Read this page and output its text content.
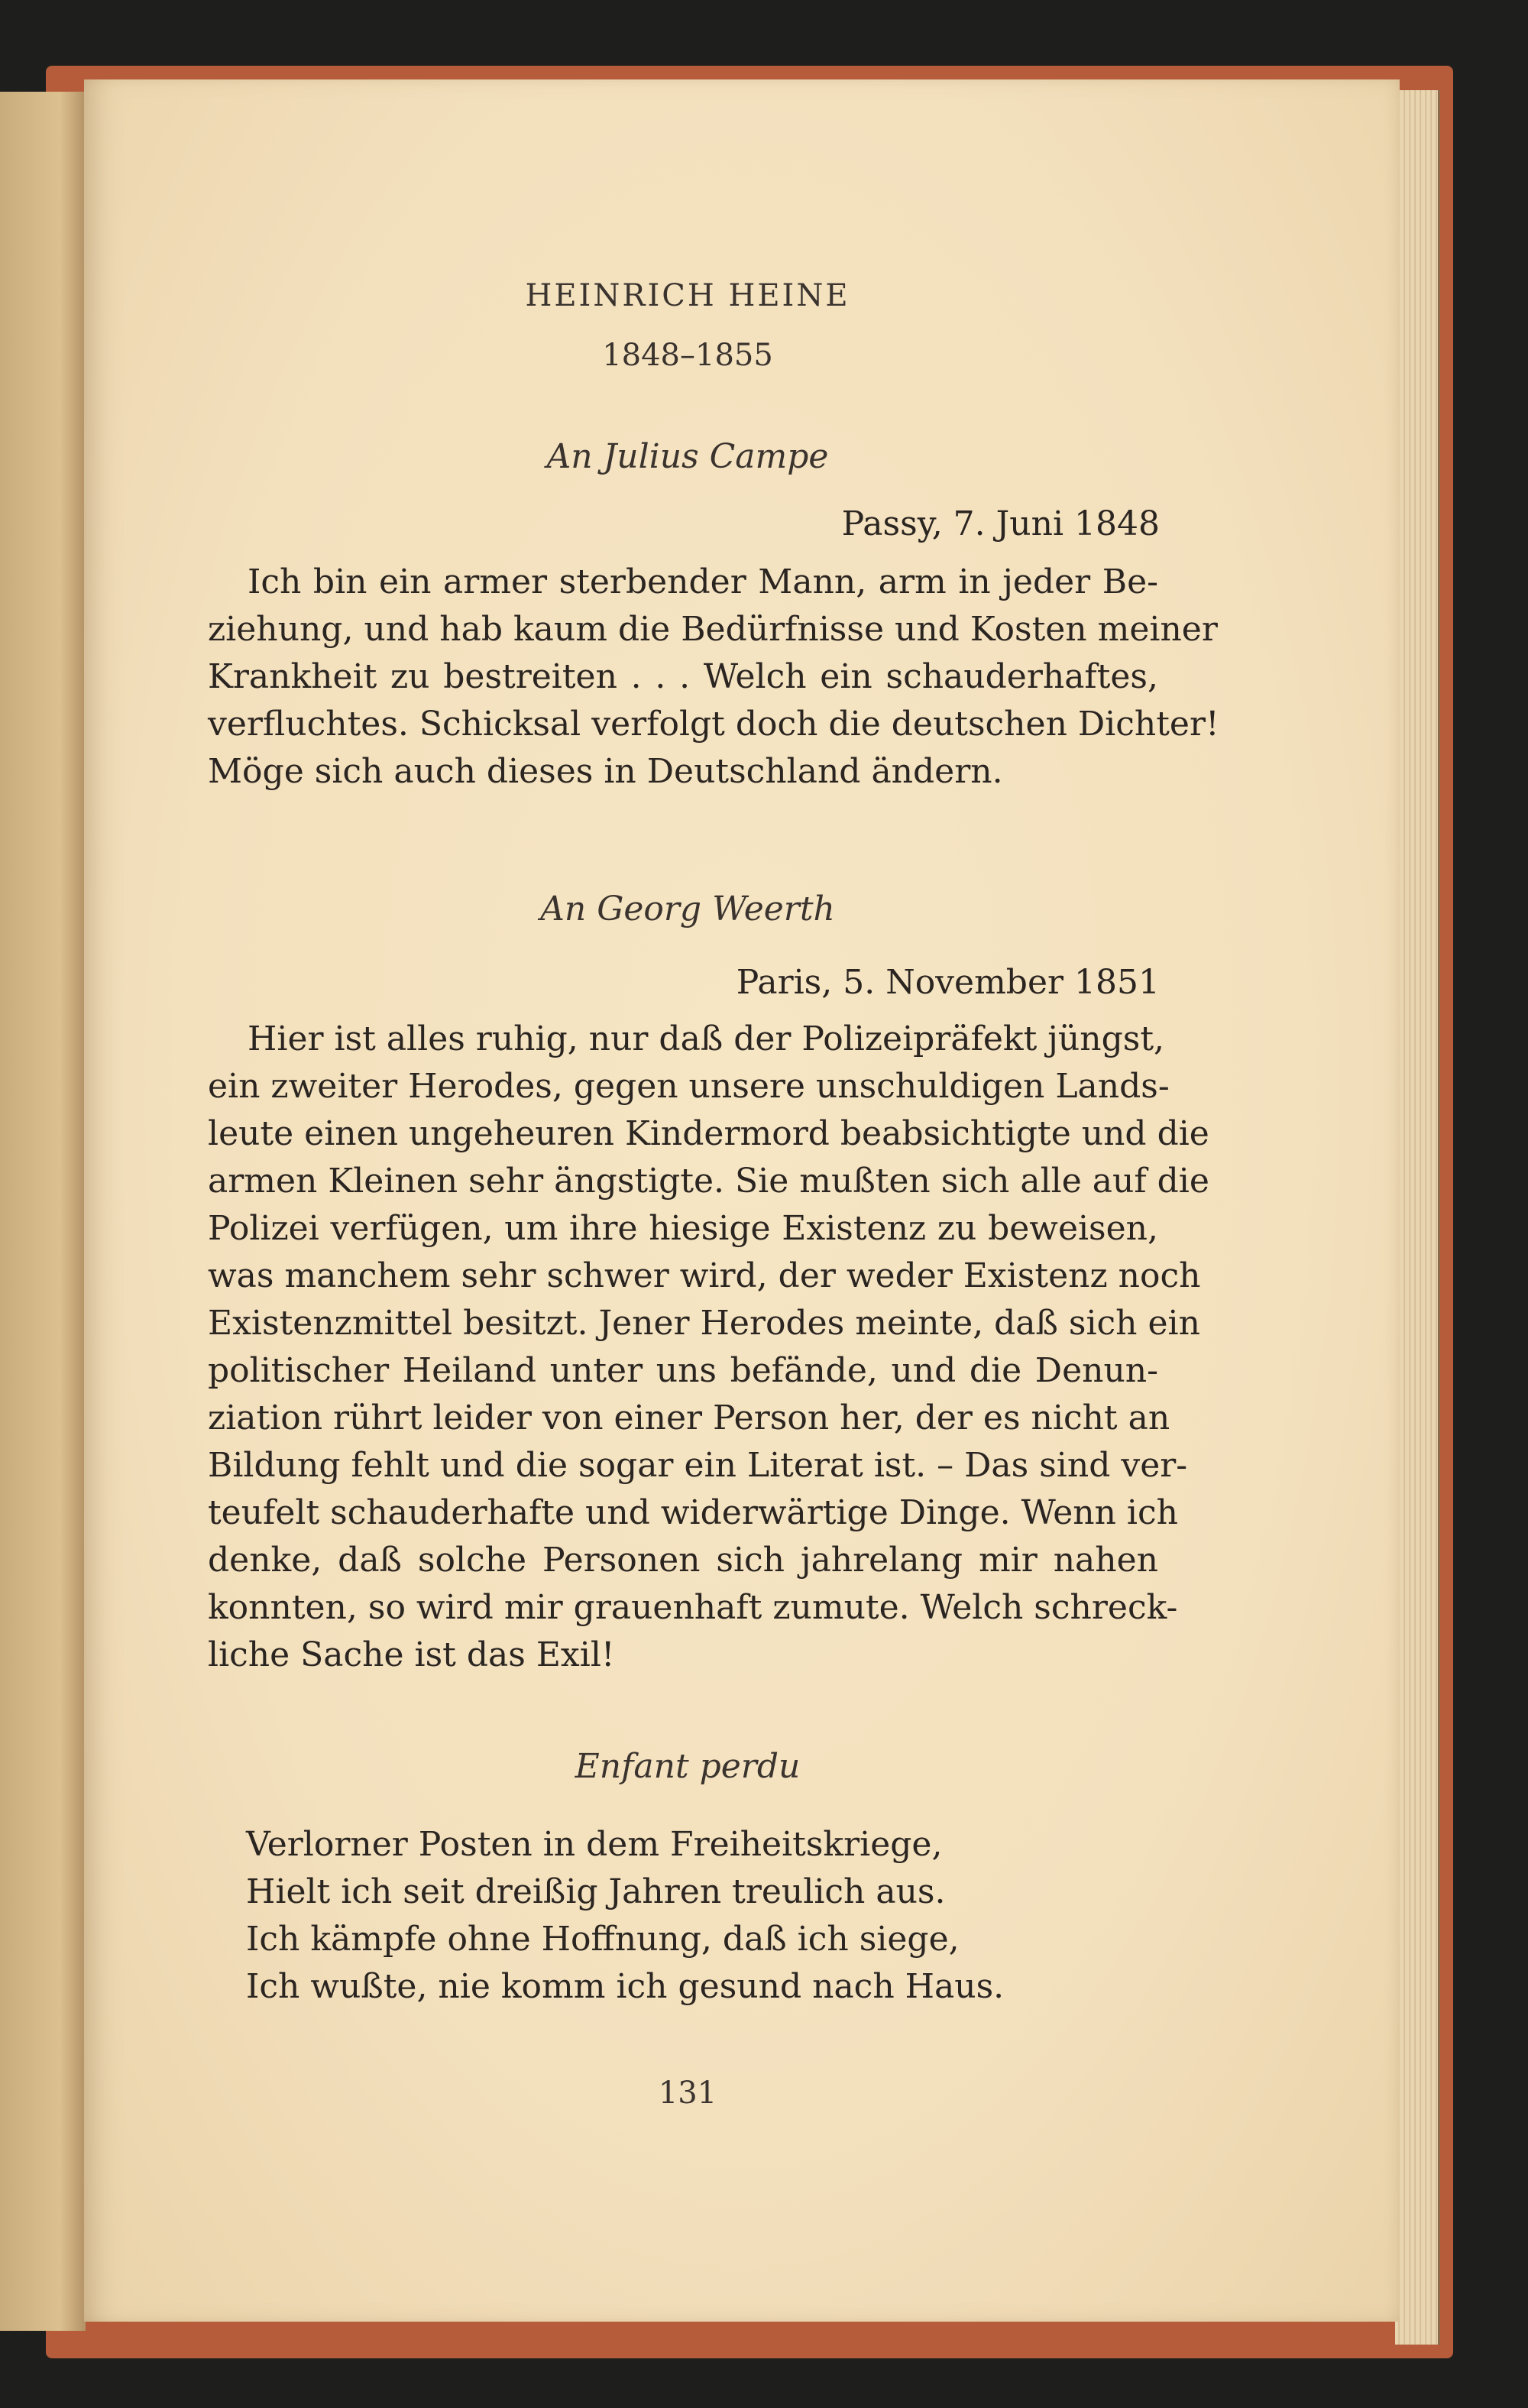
HEINRICH HEINE
1848–1855
An Julius Campe
Passy, 7. Juni 1848
Ich bin ein armer sterbender Mann, arm in jeder Be-
ziehung, und hab kaum die Bedürfnisse und Kosten meiner
Krankheit zu bestreiten . . . Welch ein schauderhaftes,
verfluchtes. Schicksal verfolgt doch die deutschen Dichter!
Möge sich auch dieses in Deutschland ändern.
An Georg Weerth
Paris, 5. November 1851
Hier ist alles ruhig, nur daß der Polizeipräfekt jüngst,
ein zweiter Herodes, gegen unsere unschuldigen Lands-
leute einen ungeheuren Kindermord beabsichtigte und die
armen Kleinen sehr ängstigte. Sie mußten sich alle auf die
Polizei verfügen, um ihre hiesige Existenz zu beweisen,
was manchem sehr schwer wird, der weder Existenz noch
Existenzmittel besitzt. Jener Herodes meinte, daß sich ein
politischer Heiland unter uns befände, und die Denun-
ziation rührt leider von einer Person her, der es nicht an
Bildung fehlt und die sogar ein Literat ist. – Das sind ver-
teufelt schauderhafte und widerwärtige Dinge. Wenn ich
denke, daß solche Personen sich jahrelang mir nahen
konnten, so wird mir grauenhaft zumute. Welch schreck-
liche Sache ist das Exil!
Enfant perdu
Verlorner Posten in dem Freiheitskriege,
Hielt ich seit dreißig Jahren treulich aus.
Ich kämpfe ohne Hoffnung, daß ich siege,
Ich wußte, nie komm ich gesund nach Haus.
131
